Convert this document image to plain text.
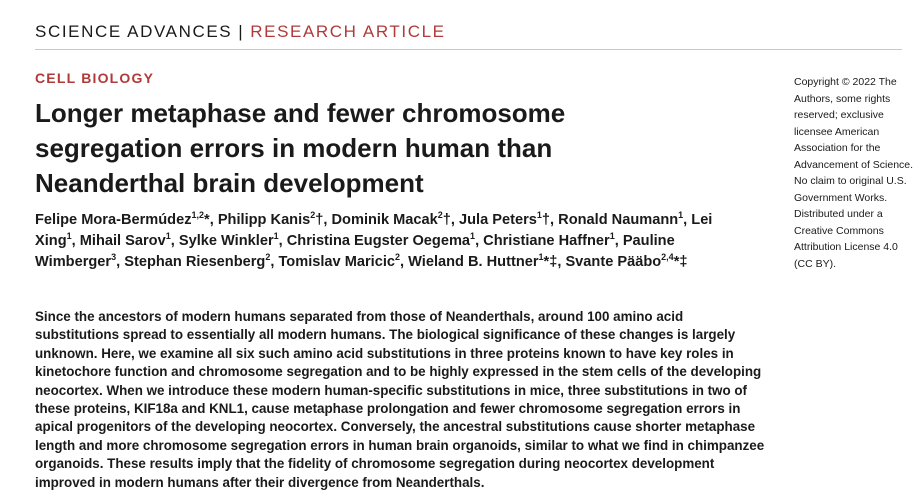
SCIENCE ADVANCES | RESEARCH ARTICLE
CELL BIOLOGY
Longer metaphase and fewer chromosome segregation errors in modern human than Neanderthal brain development
Felipe Mora-Bermúdez$^{1,2}$*, Philipp Kanis$^2$†, Dominik Macak$^2$†, Jula Peters$^1$†, Ronald Naumann$^1$, Lei Xing$^1$, Mihail Sarov$^1$, Sylke Winkler$^1$, Christina Eugster Oegema$^1$, Christiane Haffner$^1$, Pauline Wimberger$^3$, Stephan Riesenberg$^2$, Tomislav Maricic$^2$, Wieland B. Huttner$^1$*‡, Svante Pääbo$^{2,4}$*‡
Copyright © 2022 The Authors, some rights reserved; exclusive licensee American Association for the Advancement of Science. No claim to original U.S. Government Works. Distributed under a Creative Commons Attribution License 4.0 (CC BY).

Since the ancestors of modern humans separated from those of Neanderthals, around 100 amino acid substitutions spread to essentially all modern humans. The biological significance of these changes is largely unknown. Here, we examine all six such amino acid substitutions in three proteins known to have key roles in kinetochore function and chromosome segregation and to be highly expressed in the stem cells of the developing neocortex. When we introduce these modern human-specific substitutions in mice, three substitutions in two of these proteins, KIF18a and KNL1, cause metaphase prolongation and fewer chromosome segregation errors in apical progenitors of the developing neocortex. Conversely, the ancestral substitutions cause shorter metaphase length and more chromosome segregation errors in human brain organoids, similar to what we find in chimpanzee organoids. These results imply that the fidelity of chromosome segregation during neocortex development improved in modern humans after their divergence from Neanderthals.
